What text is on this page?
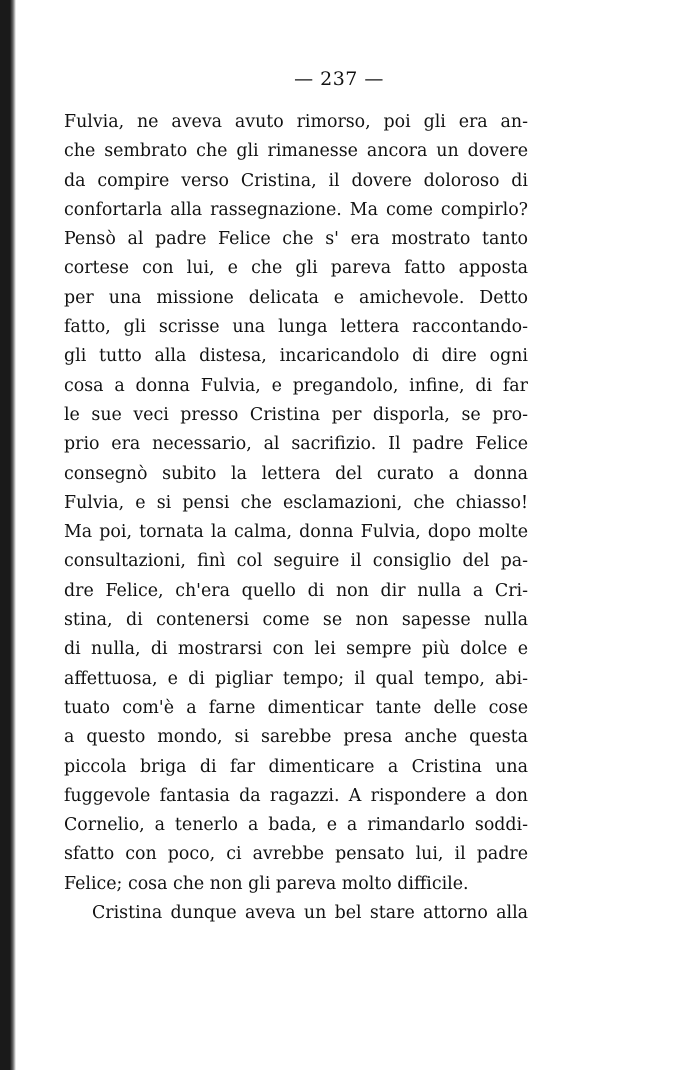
— 237 —
Fulvia, ne aveva avuto rimorso, poi gli era an-
che sembrato che gli rimanesse ancora un dovere
da compire verso Cristina, il dovere doloroso di
confortarla alla rassegnazione. Ma come compirlo?
Pensò al padre Felice che s' era mostrato tanto
cortese con lui, e che gli pareva fatto apposta
per una missione delicata e amichevole. Detto
fatto, gli scrisse una lunga lettera raccontando-
gli tutto alla distesa, incaricandolo di dire ogni
cosa a donna Fulvia, e pregandolo, infine, di far
le sue veci presso Cristina per disporla, se pro-
prio era necessario, al sacrifizio. Il padre Felice
consegnò subito la lettera del curato a donna
Fulvia, e si pensi che esclamazioni, che chiasso!
Ma poi, tornata la calma, donna Fulvia, dopo molte
consultazioni, finì col seguire il consiglio del pa-
dre Felice, ch'era quello di non dir nulla a Cri-
stina, di contenersi come se non sapesse nulla
di nulla, di mostrarsi con lei sempre più dolce e
affettuosa, e di pigliar tempo; il qual tempo, abi-
tuato com'è a farne dimenticar tante delle cose
a questo mondo, si sarebbe presa anche questa
piccola briga di far dimenticare a Cristina una
fuggevole fantasia da ragazzi. A rispondere a don
Cornelio, a tenerlo a bada, e a rimandarlo soddi-
sfatto con poco, ci avrebbe pensato lui, il padre
Felice; cosa che non gli pareva molto difficile.
Cristina dunque aveva un bel stare attorno alla
